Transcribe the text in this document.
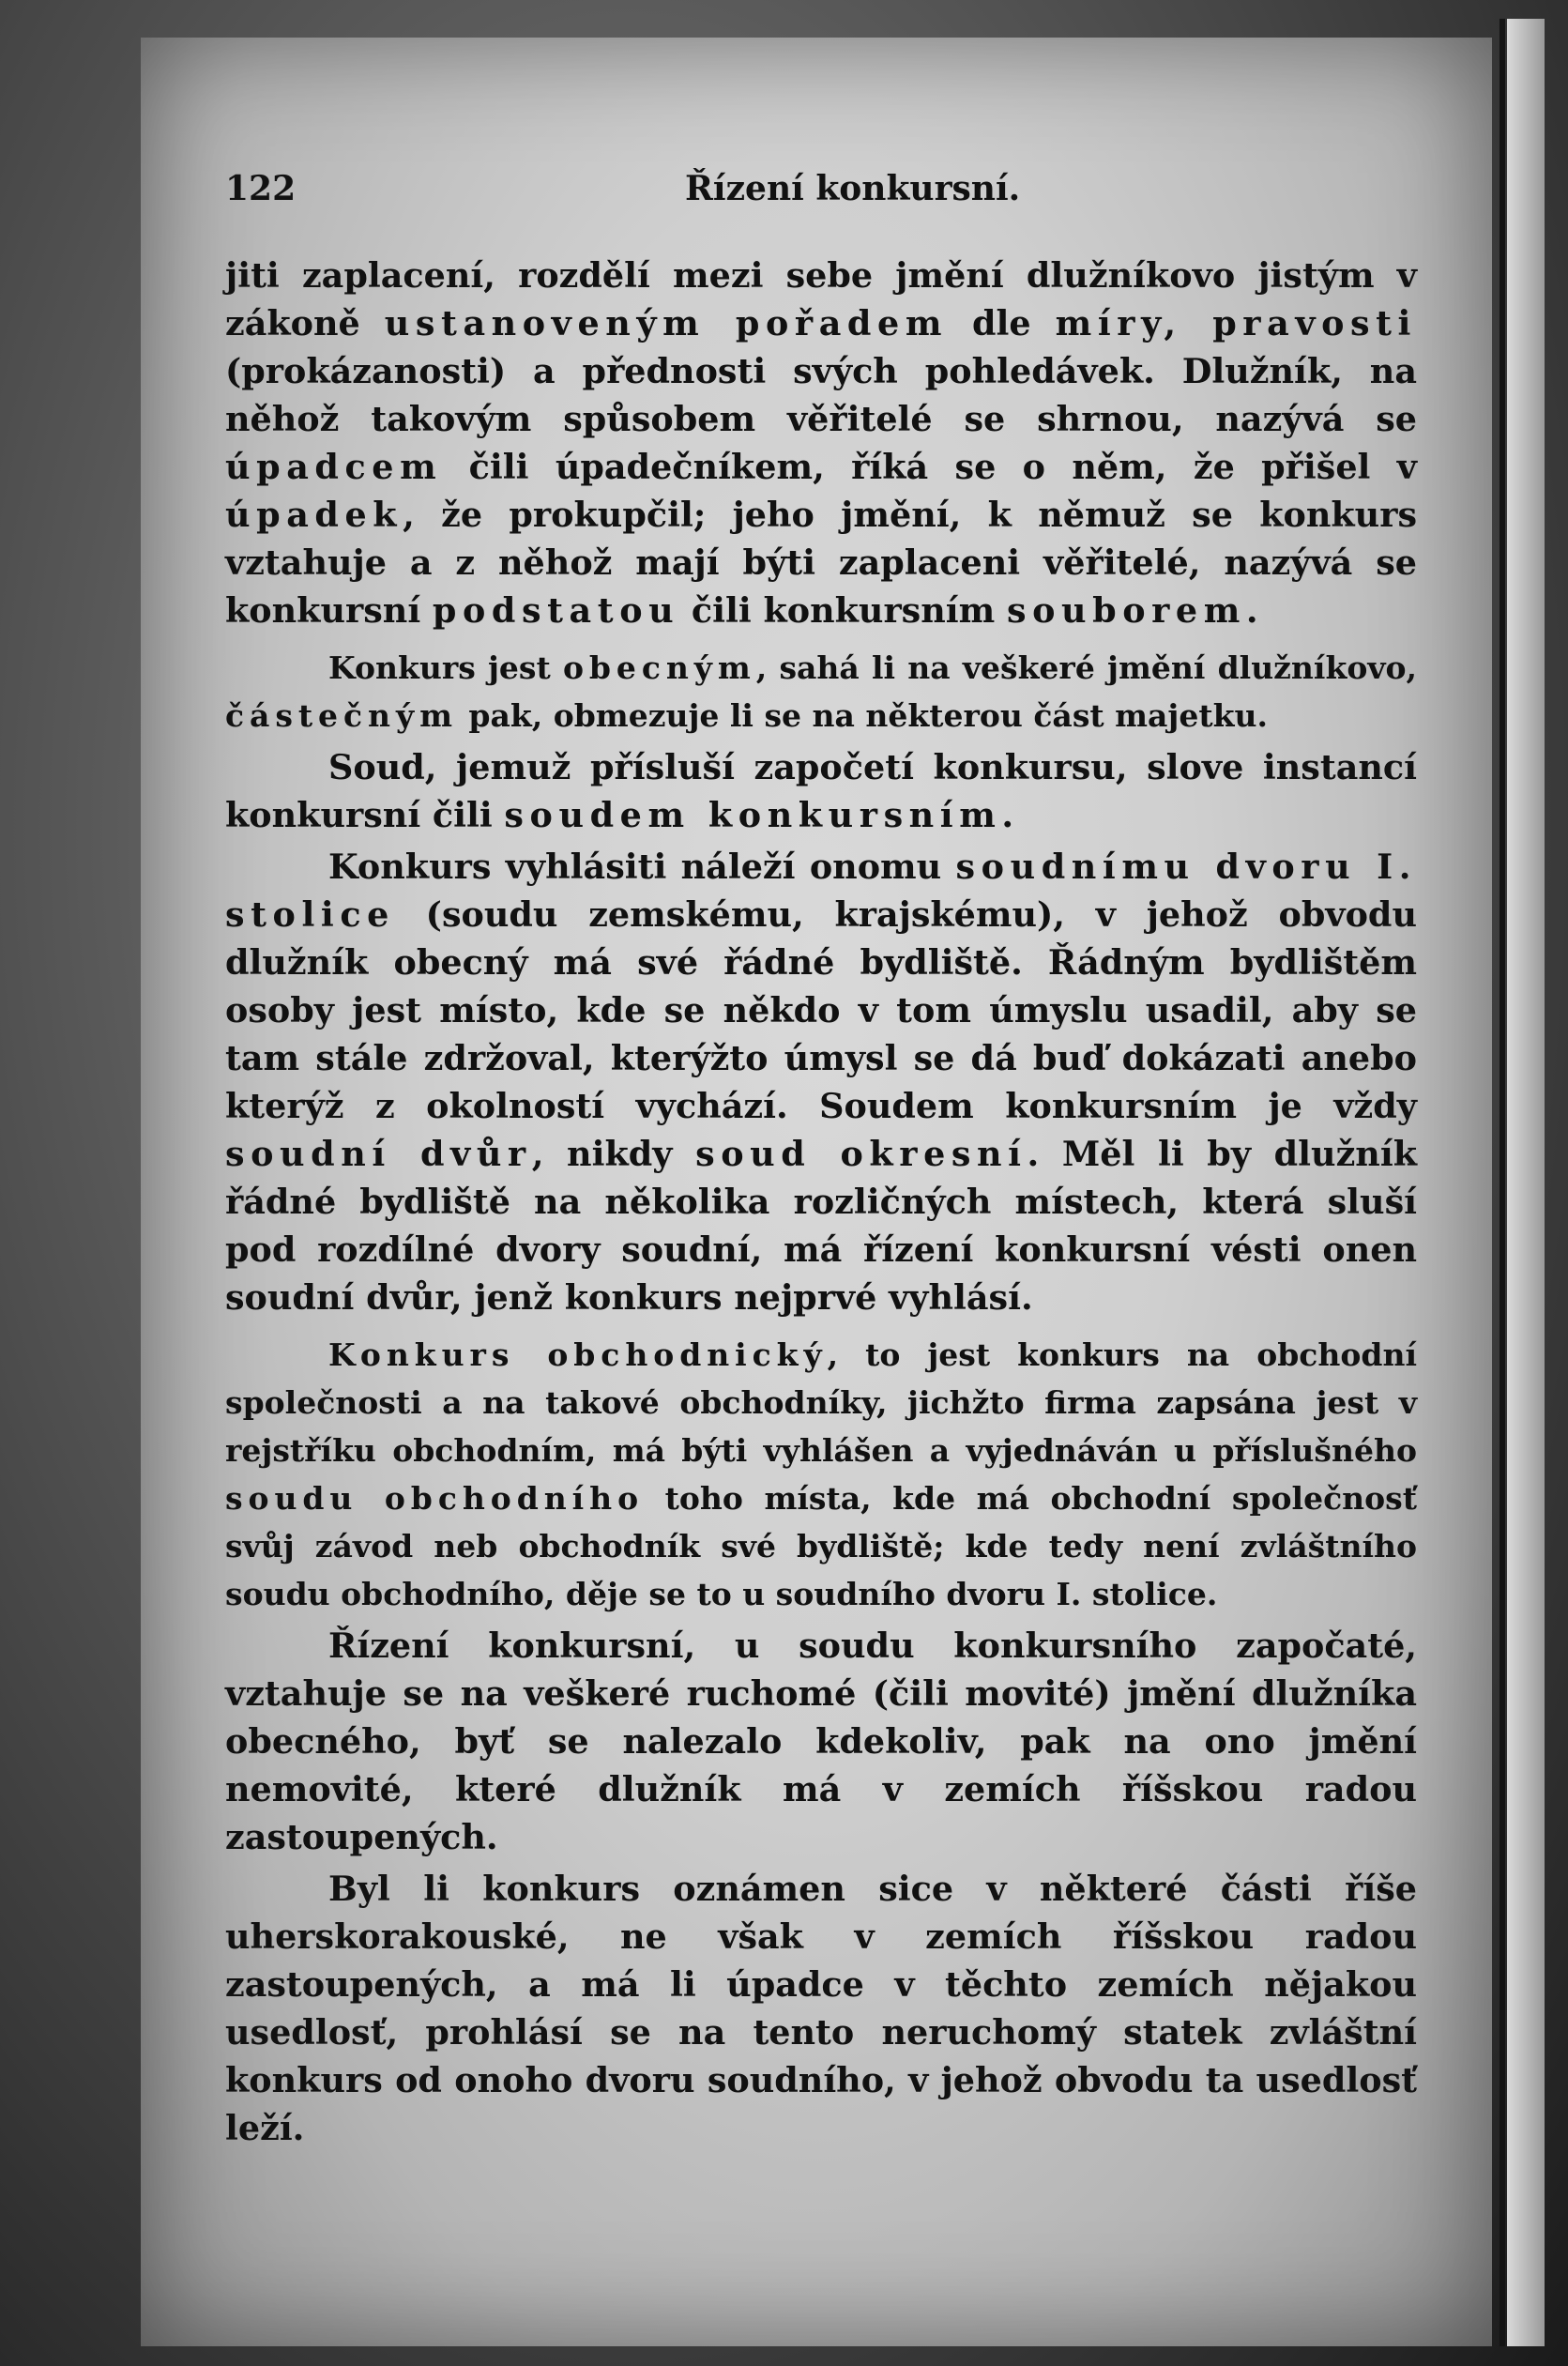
122	Řízení konkursní.

jiti zaplacení, rozdělí mezi sebe jmění dlužníkovo jistým v zákoně ustanoveným pořadem dle míry, pravosti (prokázanosti) a přednosti svých pohledávek. Dlužník, na něhož takovým spůsobem věřitelé se shrnou, nazývá se úpadcem čili úpadečníkem, říká se o něm, že přišel v úpadek, že prokupčil; jeho jmění, k němuž se konkurs vztahuje a z něhož mají býti zaplaceni věřitelé, nazývá se konkursní podstatou čili konkursním souborem.

Konkurs jest obecným, sahá li na veškeré jmění dlužníkovo, částečným pak, obmezuje li se na některou část majetku.

Soud, jemuž přísluší započetí konkursu, slove instancí konkursní čili soudem konkursním.

Konkurs vyhlásiti náleží onomu soudnímu dvoru I. stolice (soudu zemskému, krajskému), v jehož obvodu dlužník obecný má své řádné bydliště. Řádným bydlištěm osoby jest místo, kde se někdo v tom úmyslu usadil, aby se tam stále zdržoval, kterýžto úmysl se dá buď dokázati anebo kterýž z okolností vychází. Soudem konkursním je vždy soudní dvůr, nikdy soud okresní. Měl li by dlužník řádné bydliště na několika rozličných místech, která sluší pod rozdílné dvory soudní, má řízení konkursní vésti onen soudní dvůr, jenž konkurs nejprvé vyhlásí.

Konkurs obchodnický, to jest konkurs na obchodní společnosti a na takové obchodníky, jichžto firma zapsána jest v rejstříku obchodním, má býti vyhlášen a vyjednáván u příslušného soudu obchodního toho místa, kde má obchodní společnosť svůj závod neb obchodník své bydliště; kde tedy není zvláštního soudu obchodního, děje se to u soudního dvoru I. stolice.

Řízení konkursní, u soudu konkursního započaté, vztahuje se na veškeré ruchomé (čili movité) jmění dlužníka obecného, byť se nalezalo kdekoliv, pak na ono jmění nemovité, které dlužník má v zemích říšskou radou zastoupených.

Byl li konkurs oznámen sice v některé části říše uherskorakouské, ne však v zemích říšskou radou zastoupených, a má li úpadce v těchto zemích nějakou usedlosť, prohlásí se na tento neruchomý statek zvláštní konkurs od onoho dvoru soudního, v jehož obvodu ta usedlosť leží.
